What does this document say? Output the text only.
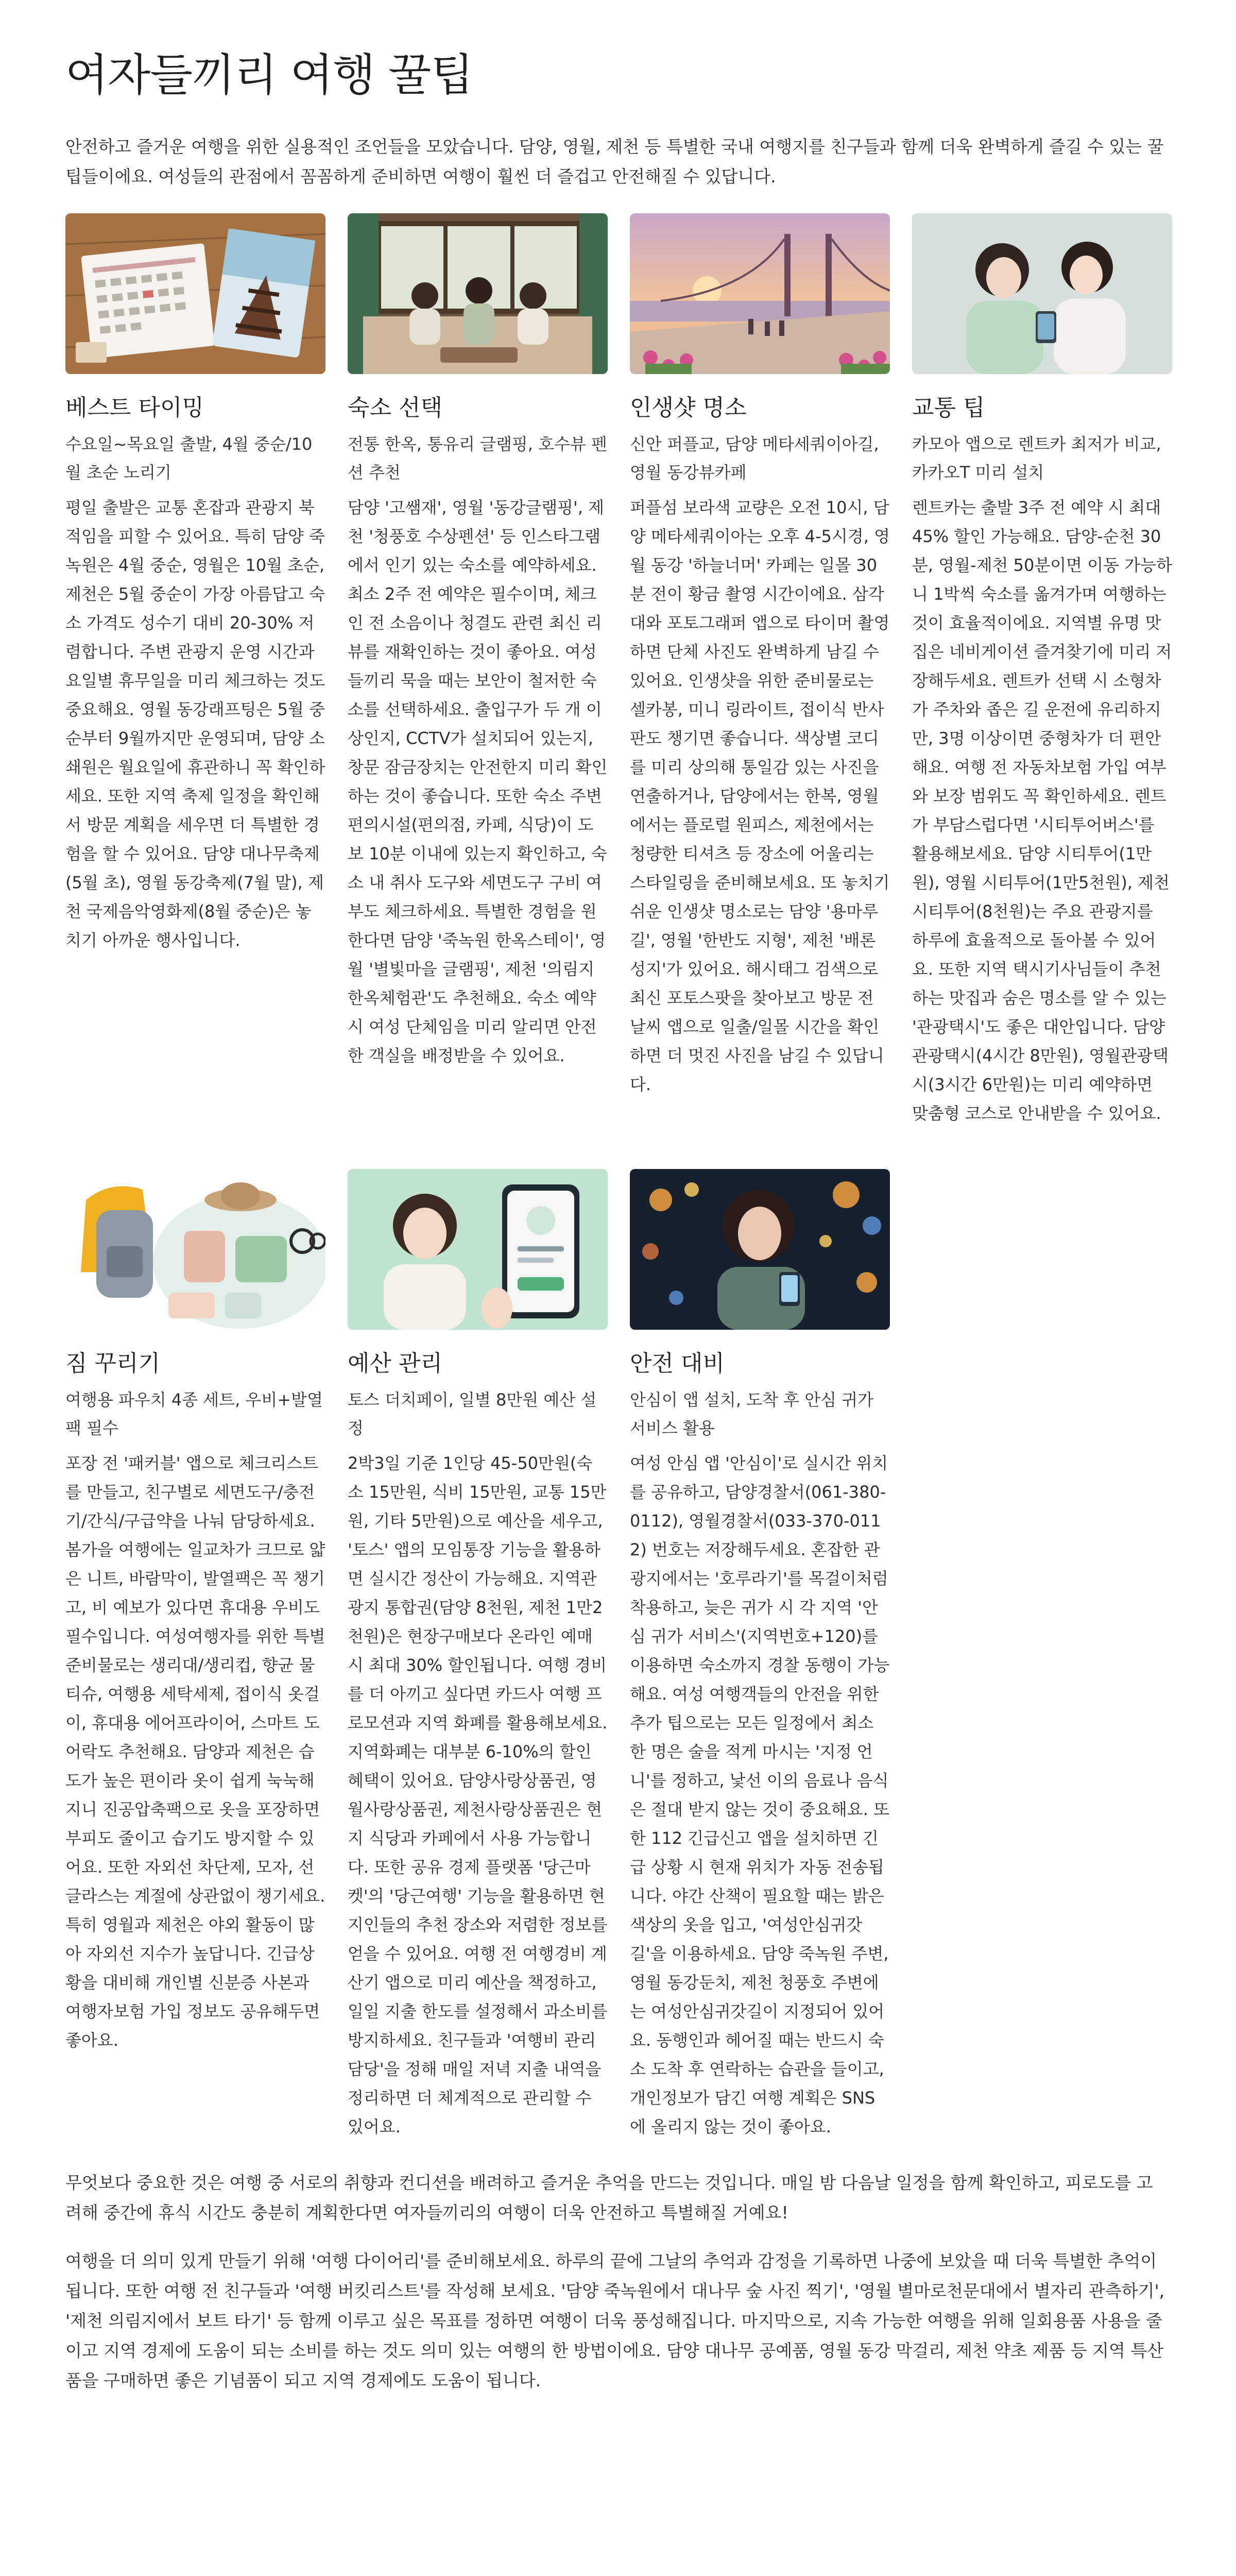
여자들끼리 여행 꿀팁

안전하고 즐거운 여행을 위한 실용적인 조언들을 모았습니다. 담양, 영월, 제천 등 특별한 국내 여행지를 친구들과 함께 더욱 완벽하게 즐길 수 있는 꿀팁들이에요. 여성들의 관점에서 꼼꼼하게 준비하면 여행이 훨씬 더 즐겁고 안전해질 수 있답니다.

베스트 타이밍

수요일~목요일 출발, 4월 중순/10월 초순 노리기

평일 출발은 교통 혼잡과 관광지 북적임을 피할 수 있어요. 특히 담양 죽녹원은 4월 중순, 영월은 10월 초순, 제천은 5월 중순이 가장 아름답고 숙소 가격도 성수기 대비 20-30% 저렴합니다. 주변 관광지 운영 시간과 요일별 휴무일을 미리 체크하는 것도 중요해요. 영월 동강래프팅은 5월 중순부터 9월까지만 운영되며, 담양 소쇄원은 월요일에 휴관하니 꼭 확인하세요. 또한 지역 축제 일정을 확인해서 방문 계획을 세우면 더 특별한 경험을 할 수 있어요. 담양 대나무축제(5월 초), 영월 동강축제(7월 말), 제천 국제음악영화제(8월 중순)은 놓치기 아까운 행사입니다.

숙소 선택

전통 한옥, 통유리 글램핑, 호수뷰 펜션 추천

담양 '고쌤재', 영월 '동강글램핑', 제천 '청풍호 수상펜션' 등 인스타그램에서 인기 있는 숙소를 예약하세요. 최소 2주 전 예약은 필수이며, 체크인 전 소음이나 청결도 관련 최신 리뷰를 재확인하는 것이 좋아요. 여성들끼리 묵을 때는 보안이 철저한 숙소를 선택하세요. 출입구가 두 개 이상인지, CCTV가 설치되어 있는지, 창문 잠금장치는 안전한지 미리 확인하는 것이 좋습니다. 또한 숙소 주변 편의시설(편의점, 카페, 식당)이 도보 10분 이내에 있는지 확인하고, 숙소 내 취사 도구와 세면도구 구비 여부도 체크하세요. 특별한 경험을 원한다면 담양 '죽녹원 한옥스테이', 영월 '별빛마을 글램핑', 제천 '의림지 한옥체험관'도 추천해요. 숙소 예약 시 여성 단체임을 미리 알리면 안전한 객실을 배정받을 수 있어요.

인생샷 명소

신안 퍼플교, 담양 메타세쿼이아길, 영월 동강뷰카페

퍼플섬 보라색 교량은 오전 10시, 담양 메타세쿼이아는 오후 4-5시경, 영월 동강 '하늘너머' 카페는 일몰 30분 전이 황금 촬영 시간이에요. 삼각대와 포토그래퍼 앱으로 타이머 촬영하면 단체 사진도 완벽하게 남길 수 있어요. 인생샷을 위한 준비물로는 셀카봉, 미니 링라이트, 접이식 반사판도 챙기면 좋습니다. 색상별 코디를 미리 상의해 통일감 있는 사진을 연출하거나, 담양에서는 한복, 영월에서는 플로럴 원피스, 제천에서는 청량한 티셔츠 등 장소에 어울리는 스타일링을 준비해보세요. 또 놓치기 쉬운 인생샷 명소로는 담양 '용마루길', 영월 '한반도 지형', 제천 '배론성지'가 있어요. 해시태그 검색으로 최신 포토스팟을 찾아보고 방문 전 날씨 앱으로 일출/일몰 시간을 확인하면 더 멋진 사진을 남길 수 있답니다.

교통 팁

카모아 앱으로 렌트카 최저가 비교, 카카오T 미리 설치

렌트카는 출발 3주 전 예약 시 최대 45% 할인 가능해요. 담양-순천 30분, 영월-제천 50분이면 이동 가능하니 1박씩 숙소를 옮겨가며 여행하는 것이 효율적이에요. 지역별 유명 맛집은 네비게이션 즐겨찾기에 미리 저장해두세요. 렌트카 선택 시 소형차가 주차와 좁은 길 운전에 유리하지만, 3명 이상이면 중형차가 더 편안해요. 여행 전 자동차보험 가입 여부와 보장 범위도 꼭 확인하세요. 렌트가 부담스럽다면 '시티투어버스'를 활용해보세요. 담양 시티투어(1만원), 영월 시티투어(1만5천원), 제천 시티투어(8천원)는 주요 관광지를 하루에 효율적으로 돌아볼 수 있어요. 또한 지역 택시기사님들이 추천하는 맛집과 숨은 명소를 알 수 있는 '관광택시'도 좋은 대안입니다. 담양 관광택시(4시간 8만원), 영월관광택시(3시간 6만원)는 미리 예약하면 맞춤형 코스로 안내받을 수 있어요.

짐 꾸리기

여행용 파우치 4종 세트, 우비+발열팩 필수

포장 전 '패커블' 앱으로 체크리스트를 만들고, 친구별로 세면도구/충전기/간식/구급약을 나눠 담당하세요. 봄가을 여행에는 일교차가 크므로 얇은 니트, 바람막이, 발열팩은 꼭 챙기고, 비 예보가 있다면 휴대용 우비도 필수입니다. 여성여행자를 위한 특별 준비물로는 생리대/생리컵, 향균 물티슈, 여행용 세탁세제, 접이식 옷걸이, 휴대용 에어프라이어, 스마트 도어락도 추천해요. 담양과 제천은 습도가 높은 편이라 옷이 쉽게 눅눅해지니 진공압축팩으로 옷을 포장하면 부피도 줄이고 습기도 방지할 수 있어요. 또한 자외선 차단제, 모자, 선글라스는 계절에 상관없이 챙기세요. 특히 영월과 제천은 야외 활동이 많아 자외선 지수가 높답니다. 긴급상황을 대비해 개인별 신분증 사본과 여행자보험 가입 정보도 공유해두면 좋아요.

예산 관리

토스 더치페이, 일별 8만원 예산 설정

2박3일 기준 1인당 45-50만원(숙소 15만원, 식비 15만원, 교통 15만원, 기타 5만원)으로 예산을 세우고, '토스' 앱의 모임통장 기능을 활용하면 실시간 정산이 가능해요. 지역관광지 통합권(담양 8천원, 제천 1만2천원)은 현장구매보다 온라인 예매 시 최대 30% 할인됩니다. 여행 경비를 더 아끼고 싶다면 카드사 여행 프로모션과 지역 화폐를 활용해보세요. 지역화폐는 대부분 6-10%의 할인 혜택이 있어요. 담양사랑상품권, 영월사랑상품권, 제천사랑상품권은 현지 식당과 카페에서 사용 가능합니다. 또한 공유 경제 플랫폼 '당근마켓'의 '당근여행' 기능을 활용하면 현지인들의 추천 장소와 저렴한 정보를 얻을 수 있어요. 여행 전 여행경비 계산기 앱으로 미리 예산을 책정하고, 일일 지출 한도를 설정해서 과소비를 방지하세요. 친구들과 '여행비 관리담당'을 정해 매일 저녁 지출 내역을 정리하면 더 체계적으로 관리할 수 있어요.

안전 대비

안심이 앱 설치, 도착 후 안심 귀가 서비스 활용

여성 안심 앱 '안심이'로 실시간 위치를 공유하고, 담양경찰서(061-380-0112), 영월경찰서(033-370-0112) 번호는 저장해두세요. 혼잡한 관광지에서는 '호루라기'를 목걸이처럼 착용하고, 늦은 귀가 시 각 지역 '안심 귀가 서비스'(지역번호+120)를 이용하면 숙소까지 경찰 동행이 가능해요. 여성 여행객들의 안전을 위한 추가 팁으로는 모든 일정에서 최소 한 명은 술을 적게 마시는 '지정 언니'를 정하고, 낯선 이의 음료나 음식은 절대 받지 않는 것이 중요해요. 또한 112 긴급신고 앱을 설치하면 긴급 상황 시 현재 위치가 자동 전송됩니다. 야간 산책이 필요할 때는 밝은 색상의 옷을 입고, '여성안심귀갓길'을 이용하세요. 담양 죽녹원 주변, 영월 동강둔치, 제천 청풍호 주변에는 여성안심귀갓길이 지정되어 있어요. 동행인과 헤어질 때는 반드시 숙소 도착 후 연락하는 습관을 들이고, 개인정보가 담긴 여행 계획은 SNS에 올리지 않는 것이 좋아요.

무엇보다 중요한 것은 여행 중 서로의 취향과 컨디션을 배려하고 즐거운 추억을 만드는 것입니다. 매일 밤 다음날 일정을 함께 확인하고, 피로도를 고려해 중간에 휴식 시간도 충분히 계획한다면 여자들끼리의 여행이 더욱 안전하고 특별해질 거예요!

여행을 더 의미 있게 만들기 위해 '여행 다이어리'를 준비해보세요. 하루의 끝에 그날의 추억과 감정을 기록하면 나중에 보았을 때 더욱 특별한 추억이 됩니다. 또한 여행 전 친구들과 '여행 버킷리스트'를 작성해 보세요. '담양 죽녹원에서 대나무 숲 사진 찍기', '영월 별마로천문대에서 별자리 관측하기', '제천 의림지에서 보트 타기' 등 함께 이루고 싶은 목표를 정하면 여행이 더욱 풍성해집니다. 마지막으로, 지속 가능한 여행을 위해 일회용품 사용을 줄이고 지역 경제에 도움이 되는 소비를 하는 것도 의미 있는 여행의 한 방법이에요. 담양 대나무 공예품, 영월 동강 막걸리, 제천 약초 제품 등 지역 특산품을 구매하면 좋은 기념품이 되고 지역 경제에도 도움이 됩니다.
